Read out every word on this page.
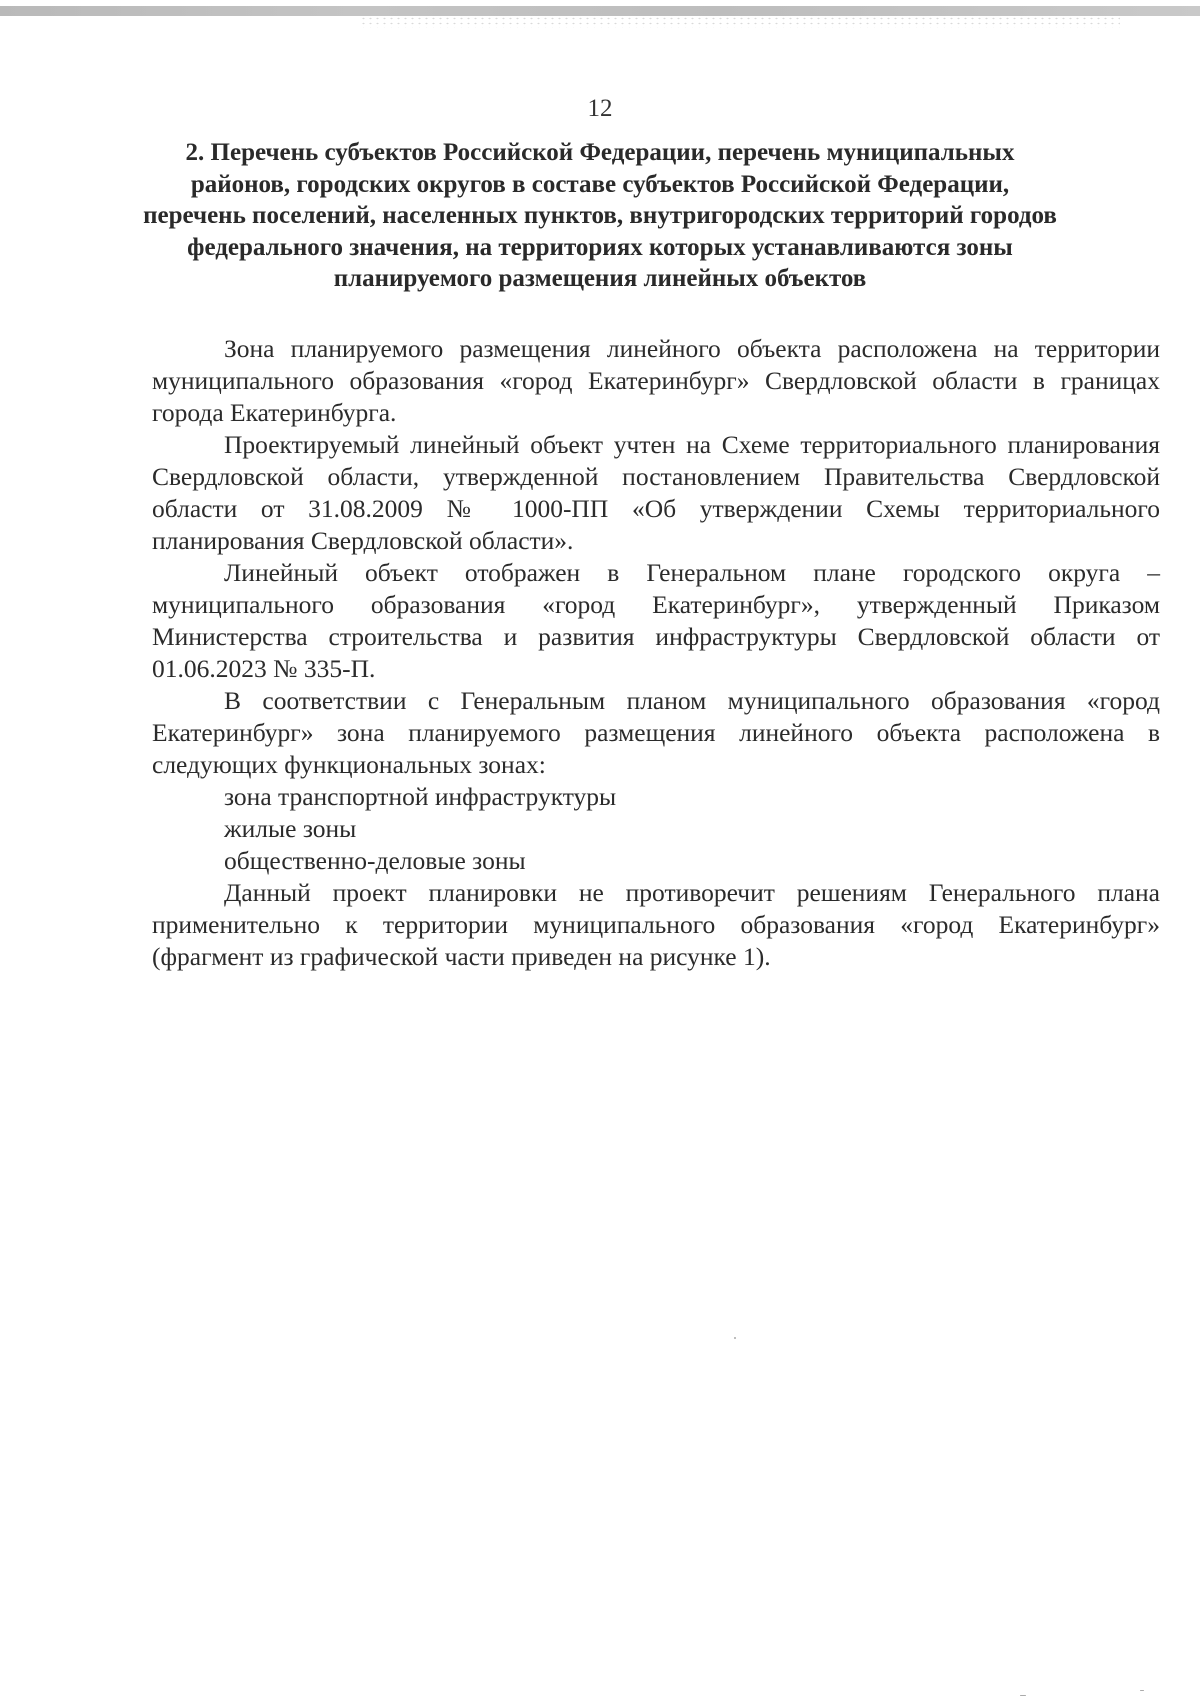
12
2. Перечень субъектов Российской Федерации, перечень муниципальных районов, городских округов в составе субъектов Российской Федерации, перечень поселений, населенных пунктов, внутригородских территорий городов федерального значения, на территориях которых устанавливаются зоны планируемого размещения линейных объектов

Зона планируемого размещения линейного объекта расположена на территории муниципального образования «город Екатеринбург» Свердловской области в границах города Екатеринбурга.

Проектируемый линейный объект учтен на Схеме территориального планирования Свердловской области, утвержденной постановлением Правительства Свердловской области от 31.08.2009 № 1000-ПП «Об утверждении Схемы территориального планирования Свердловской области».

Линейный объект отображен в Генеральном плане городского округа – муниципального образования «город Екатеринбург», утвержденный Приказом Министерства строительства и развития инфраструктуры Свердловской области от 01.06.2023 № 335-П.

В соответствии с Генеральным планом муниципального образования «город Екатеринбург» зона планируемого размещения линейного объекта расположена в следующих функциональных зонах:

зона транспортной инфраструктуры

жилые зоны

общественно-деловые зоны

Данный проект планировки не противоречит решениям Генерального плана применительно к территории муниципального образования «город Екатеринбург» (фрагмент из графической части приведен на рисунке 1).
